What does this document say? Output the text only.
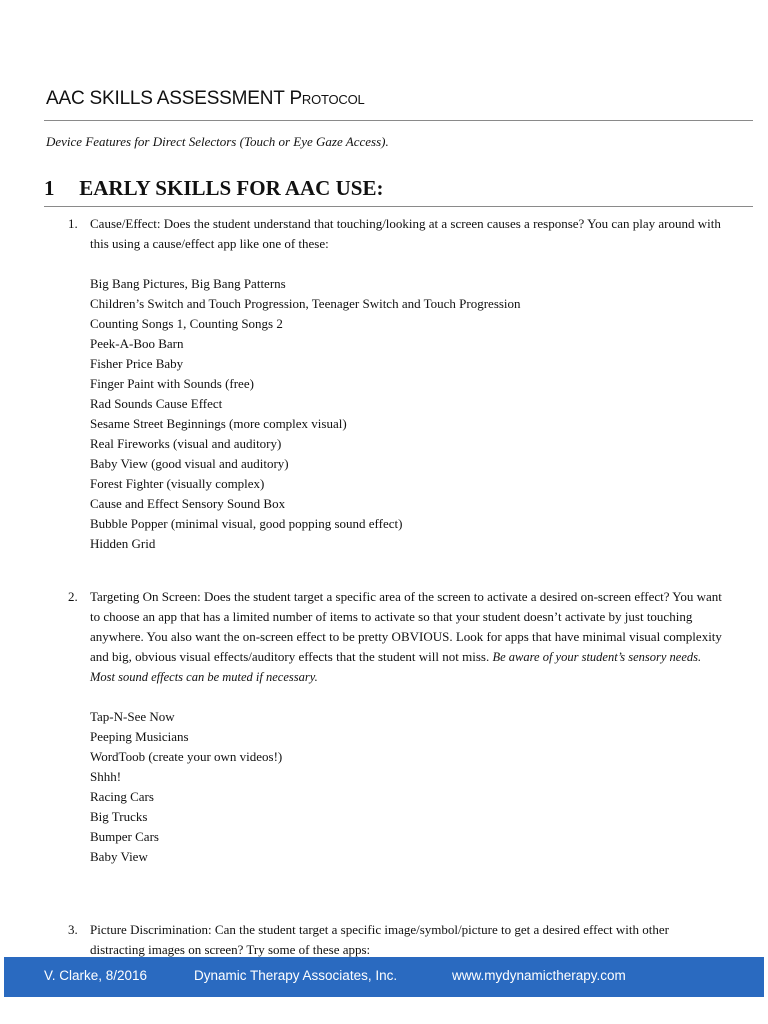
AAC SKILLS ASSESSMENT Protocol
Device Features for Direct Selectors (Touch or Eye Gaze Access).
1 EARLY SKILLS FOR AAC USE:
1. Cause/Effect: Does the student understand that touching/looking at a screen causes a response? You can play around with this using a cause/effect app like one of these:
Big Bang Pictures, Big Bang Patterns
Children’s Switch and Touch Progression, Teenager Switch and Touch Progression
Counting Songs 1, Counting Songs 2
Peek-A-Boo Barn
Fisher Price Baby
Finger Paint with Sounds (free)
Rad Sounds Cause Effect
Sesame Street Beginnings (more complex visual)
Real Fireworks (visual and auditory)
Baby View (good visual and auditory)
Forest Fighter (visually complex)
Cause and Effect Sensory Sound Box
Bubble Popper (minimal visual, good popping sound effect)
Hidden Grid
2. Targeting On Screen: Does the student target a specific area of the screen to activate a desired on-screen effect? You want to choose an app that has a limited number of items to activate so that your student doesn’t activate by just touching anywhere. You also want the on-screen effect to be pretty OBVIOUS. Look for apps that have minimal visual complexity and big, obvious visual effects/auditory effects that the student will not miss. Be aware of your student’s sensory needs. Most sound effects can be muted if necessary.
Tap-N-See Now
Peeping Musicians
WordToob (create your own videos!)
Shhh!
Racing Cars
Big Trucks
Bumper Cars
Baby View
3. Picture Discrimination: Can the student target a specific image/symbol/picture to get a desired effect with other distracting images on screen? Try some of these apps:
V. Clarke, 8/2016	Dynamic Therapy Associates, Inc.	www.mydynamictherapy.com
